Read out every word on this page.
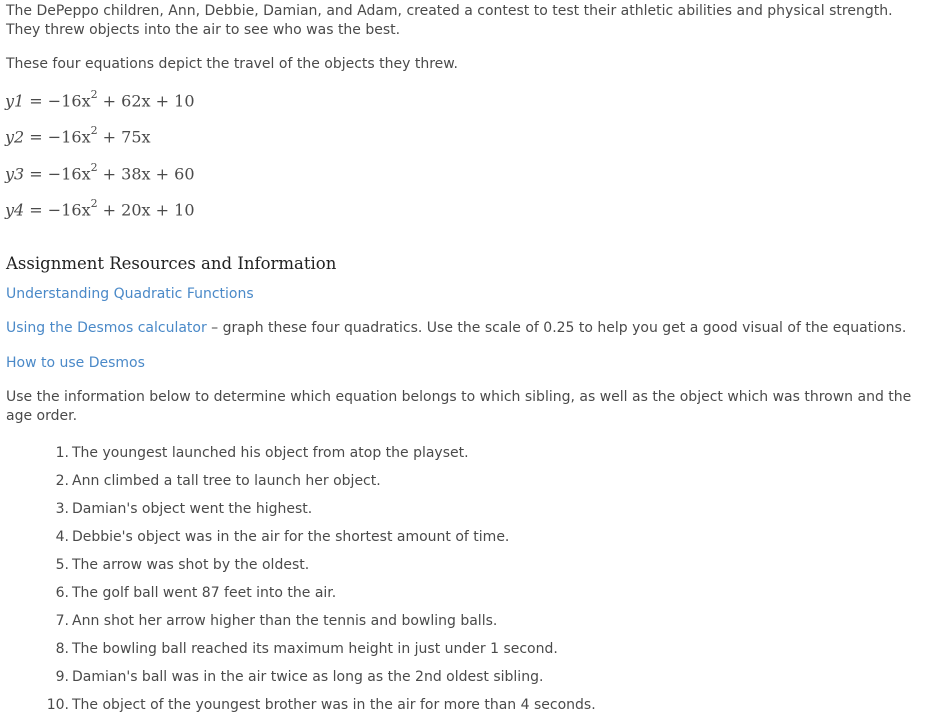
The DePeppo children, Ann, Debbie, Damian, and Adam, created a contest to test their athletic abilities and physical strength. They threw objects into the air to see who was the best.

These four equations depict the travel of the objects they threw.

$y1 = -16x^2 + 62x + 10$
$y2 = -16x^2 + 75x$
$y3 = -16x^2 + 38x + 60$
$y4 = -16x^2 + 20x + 10$
Assignment Resources and Information
Understanding Quadratic Functions
Using the Desmos calculator – graph these four quadratics. Use the scale of 0.25 to help you get a good visual of the equations.
How to use Desmos

Use the information below to determine which equation belongs to which sibling, as well as the object which was thrown and the age order.

1. The youngest launched his object from atop the playset.
2. Ann climbed a tall tree to launch her object.
3. Damian's object went the highest.
4. Debbie's object was in the air for the shortest amount of time.
5. The arrow was shot by the oldest.
6. The golf ball went 87 feet into the air.
7. Ann shot her arrow higher than the tennis and bowling balls.
8. The bowling ball reached its maximum height in just under 1 second.
9. Damian's ball was in the air twice as long as the 2nd oldest sibling.
10. The object of the youngest brother was in the air for more than 4 seconds.
